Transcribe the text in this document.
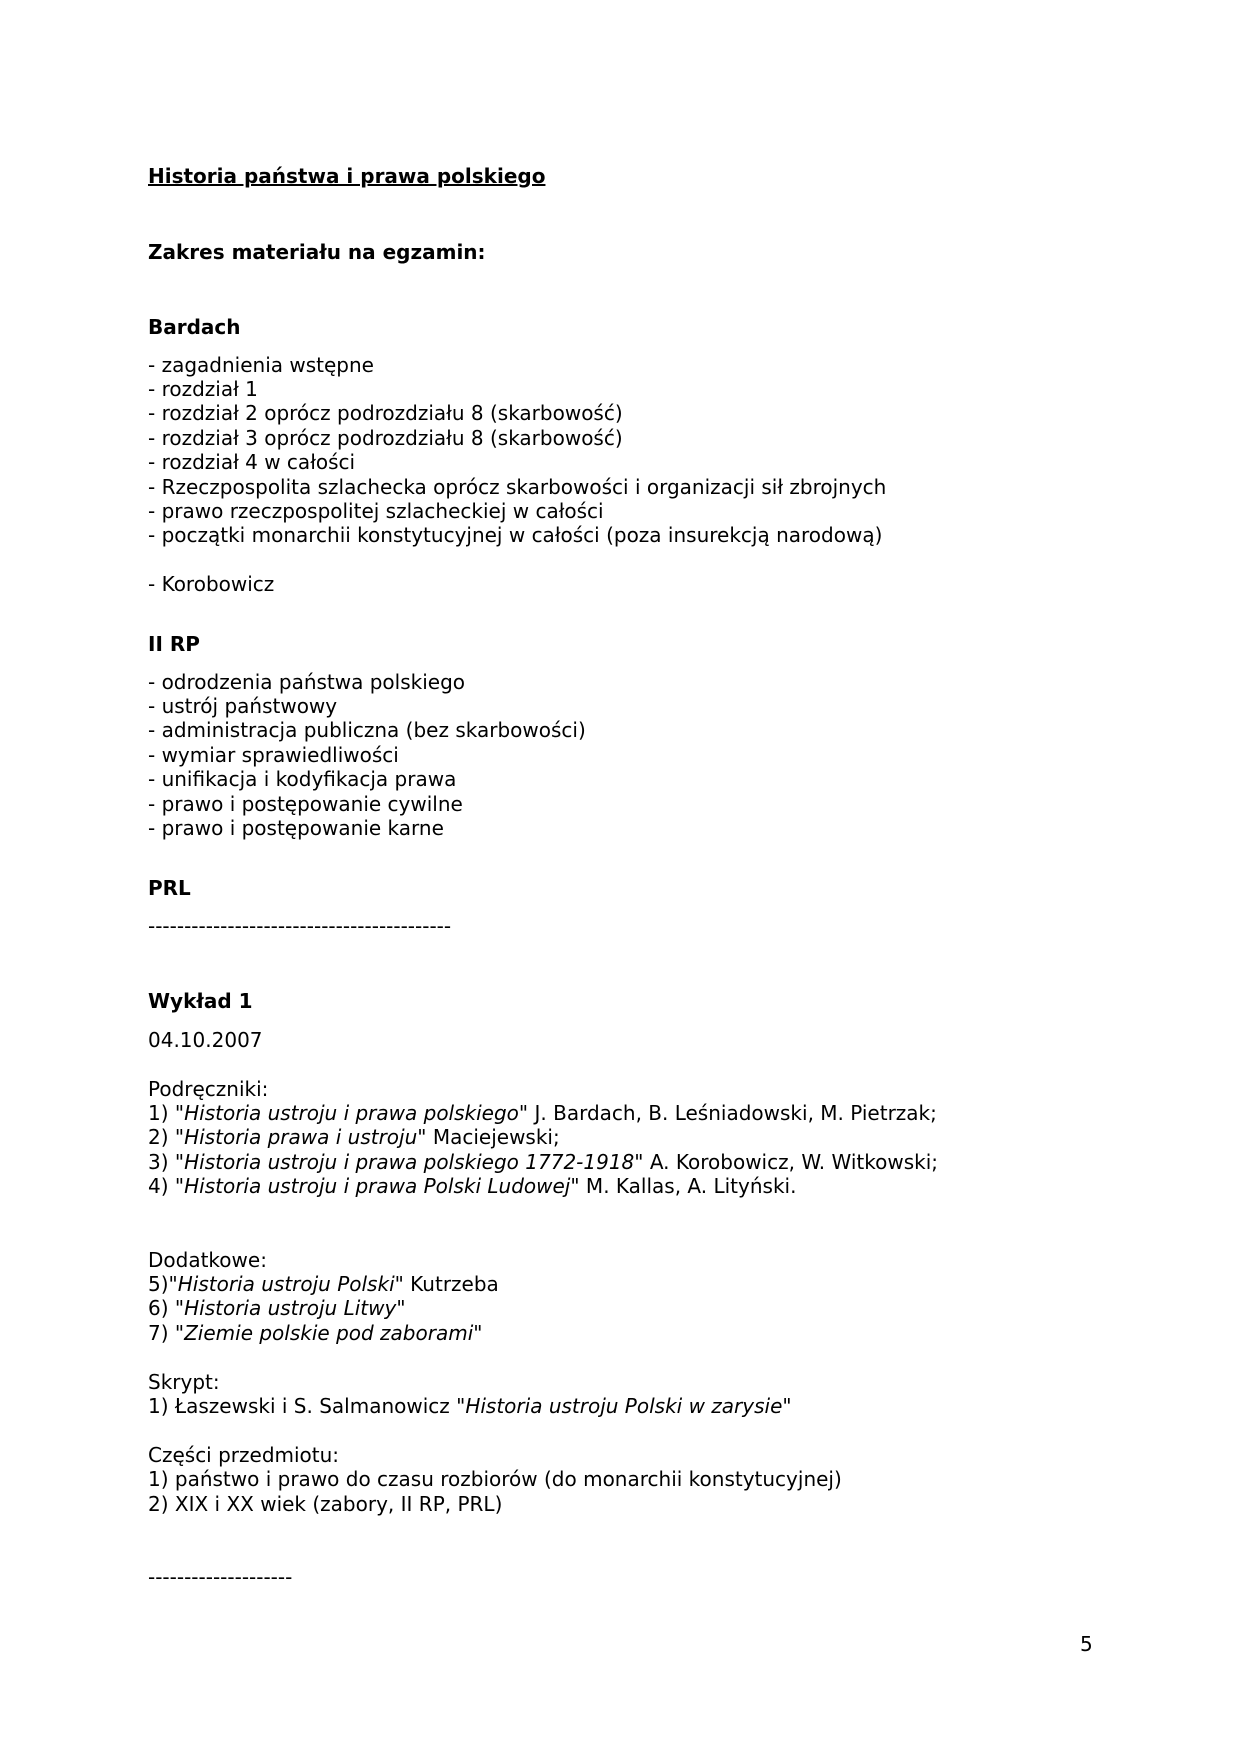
Historia państwa i prawa polskiego
Zakres materiału na egzamin:
Bardach
- zagadnienia wstępne
- rozdział 1
- rozdział 2 oprócz podrozdziału 8 (skarbowość)
- rozdział 3 oprócz podrozdziału 8 (skarbowość)
- rozdział 4 w całości
- Rzeczpospolita szlachecka oprócz skarbowości i organizacji sił zbrojnych
- prawo rzeczpospolitej szlacheckiej w całości
- początki monarchii konstytucyjnej w całości (poza insurekcją narodową)
- Korobowicz
II RP
- odrodzenia państwa polskiego
- ustrój państwowy
- administracja publiczna (bez skarbowości)
- wymiar sprawiedliwości
- unifikacja i kodyfikacja prawa
- prawo i postępowanie cywilne
- prawo i postępowanie karne
PRL
------------------------------------------
Wykład 1
04.10.2007
Podręczniki:
1) "Historia ustroju i prawa polskiego" J. Bardach, B. Leśniadowski, M. Pietrzak;
2) "Historia prawa i ustroju" Maciejewski;
3) "Historia ustroju i prawa polskiego 1772-1918" A. Korobowicz, W. Witkowski;
4) "Historia ustroju i prawa Polski Ludowej" M. Kallas, A. Lityński.
Dodatkowe:
5)"Historia ustroju Polski" Kutrzeba
6) "Historia ustroju Litwy"
7) "Ziemie polskie pod zaborami"
Skrypt:
1) Łaszewski i S. Salmanowicz "Historia ustroju Polski w zarysie"
Części przedmiotu:
1) państwo i prawo do czasu rozbiorów (do monarchii konstytucyjnej)
2) XIX i XX wiek (zabory, II RP, PRL)
--------------------
5
